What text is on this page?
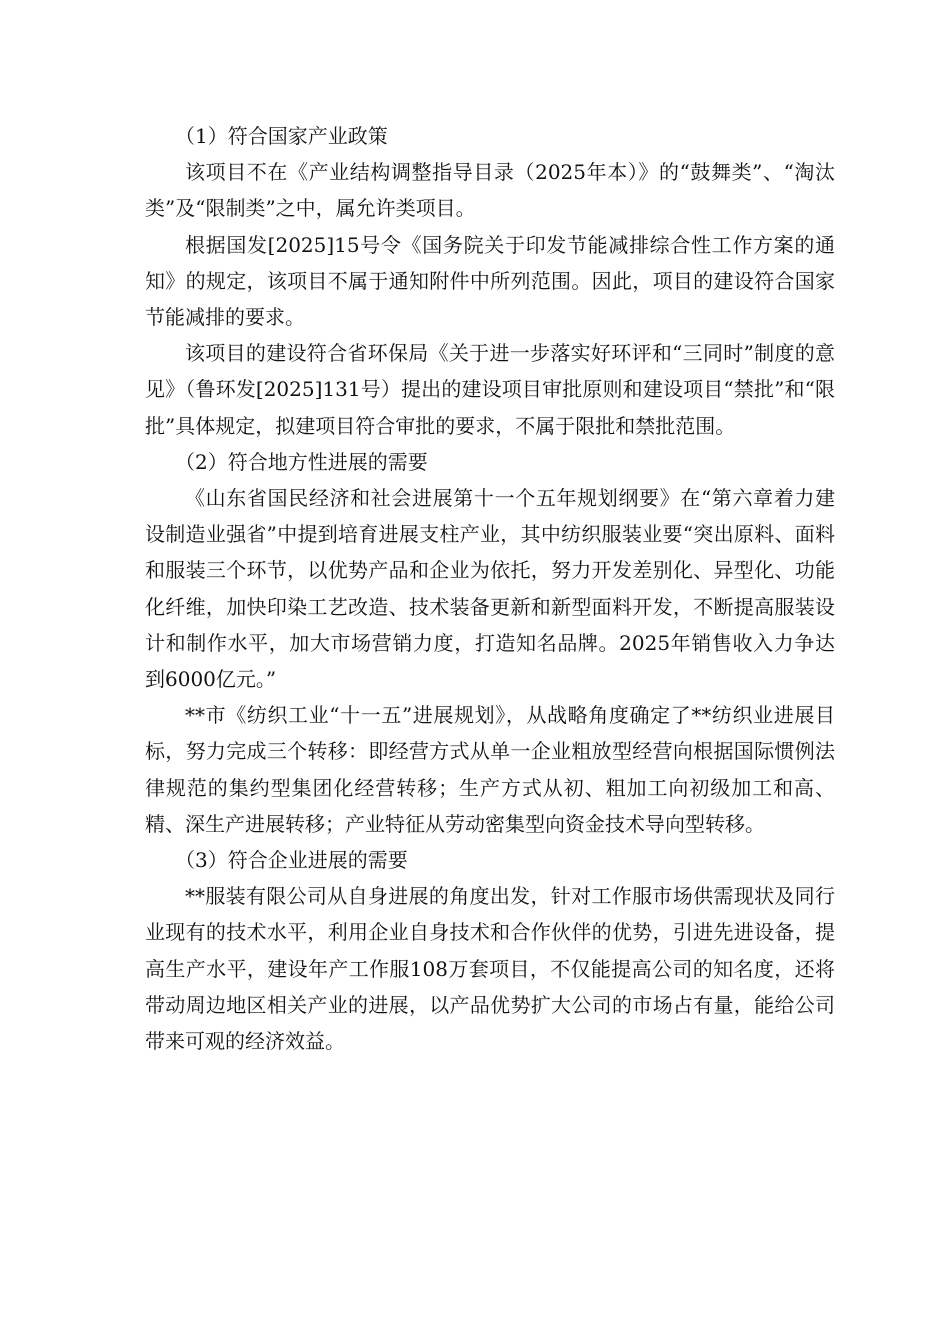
（1）符合国家产业政策

该项目不在《产业结构调整指导目录（2025年本）》的“鼓舞类”、“淘汰类”及“限制类”之中，属允许类项目。

根据国发[2025]15号令《国务院关于印发节能减排综合性工作方案的通知》的规定，该项目不属于通知附件中所列范围。因此，项目的建设符合国家节能减排的要求。

该项目的建设符合省环保局《关于进一步落实好环评和“三同时”制度的意见》（鲁环发[2025]131号）提出的建设项目审批原则和建设项目“禁批”和“限批”具体规定，拟建项目符合审批的要求，不属于限批和禁批范围。

（2）符合地方性进展的需要

《山东省国民经济和社会进展第十一个五年规划纲要》在“第六章着力建设制造业强省”中提到培育进展支柱产业，其中纺织服装业要“突出原料、面料和服装三个环节，以优势产品和企业为依托，努力开发差别化、异型化、功能化纤维，加快印染工艺改造、技术装备更新和新型面料开发，不断提高服装设计和制作水平，加大市场营销力度，打造知名品牌。2025年销售收入力争达到6000亿元。”

**市《纺织工业“十一五”进展规划》，从战略角度确定了**纺织业进展目标，努力完成三个转移：即经营方式从单一企业粗放型经营向根据国际惯例法律规范的集约型集团化经营转移；生产方式从初、粗加工向初级加工和高、精、深生产进展转移；产业特征从劳动密集型向资金技术导向型转移。

（3）符合企业进展的需要

**服装有限公司从自身进展的角度出发，针对工作服市场供需现状及同行业现有的技术水平，利用企业自身技术和合作伙伴的优势，引进先进设备，提高生产水平，建设年产工作服108万套项目，不仅能提高公司的知名度，还将带动周边地区相关产业的进展，以产品优势扩大公司的市场占有量，能给公司带来可观的经济效益。
